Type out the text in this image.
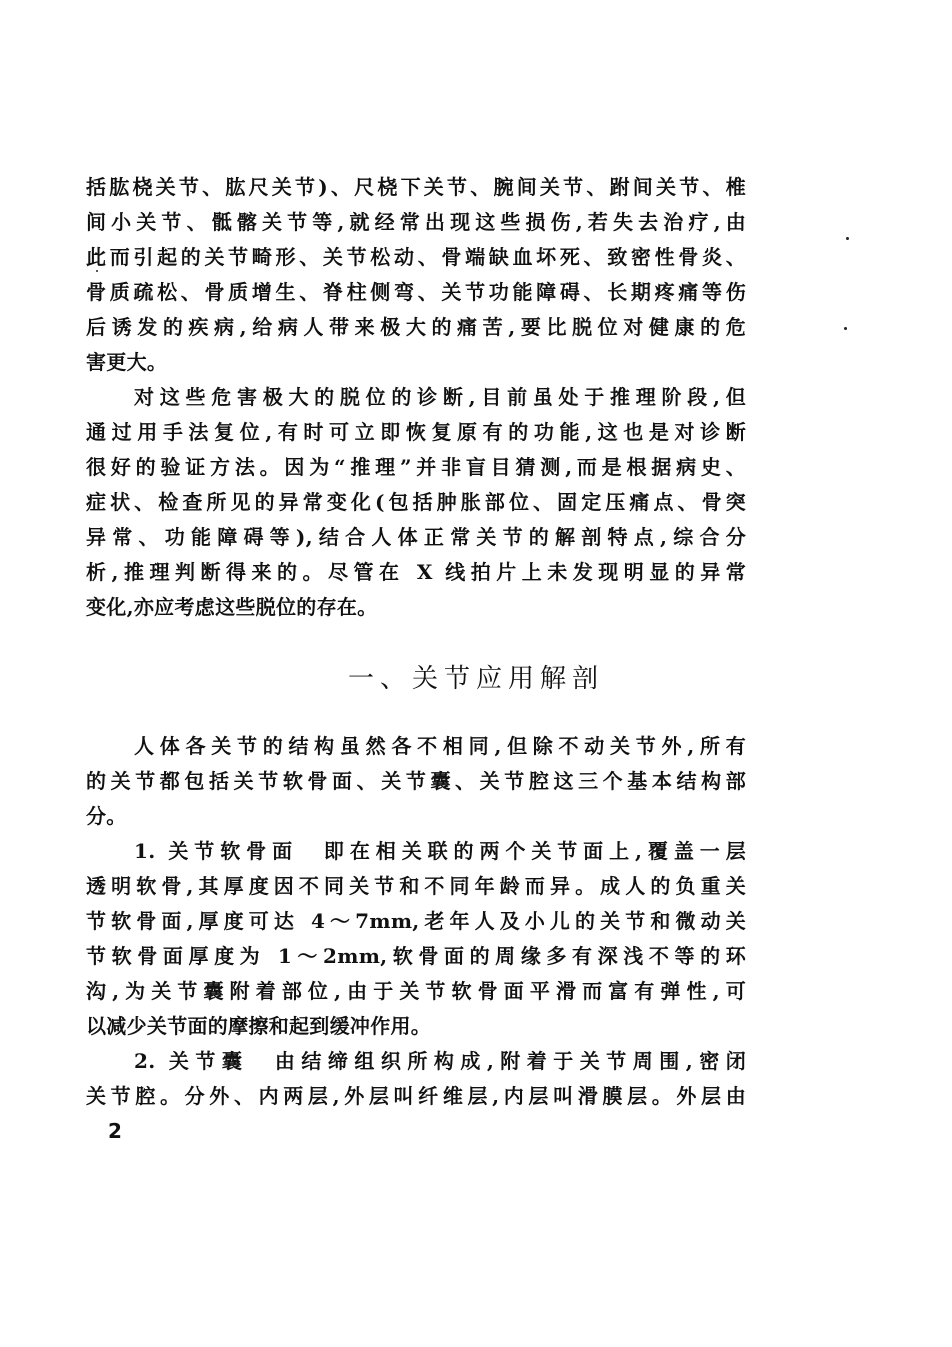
括肱桡关节、肱尺关节)、尺桡下关节、腕间关节、跗间关节、椎
间小关节、骶髂关节等,就经常出现这些损伤,若失去治疗,由
此而引起的关节畸形、关节松动、骨端缺血坏死、致密性骨炎、
骨质疏松、骨质增生、脊柱侧弯、关节功能障碍、长期疼痛等伤
后诱发的疾病,给病人带来极大的痛苦,要比脱位对健康的危
害更大。
对这些危害极大的脱位的诊断,目前虽处于推理阶段,但
通过用手法复位,有时可立即恢复原有的功能,这也是对诊断
很好的验证方法。因为“推理”并非盲目猜测,而是根据病史、
症状、检查所见的异常变化(包括肿胀部位、固定压痛点、骨突
异常、功能障碍等),结合人体正常关节的解剖特点,综合分
析,推理判断得来的。尽管在 X 线拍片上未发现明显的异常
变化,亦应考虑这些脱位的存在。
一、关节应用解剖
人体各关节的结构虽然各不相同,但除不动关节外,所有
的关节都包括关节软骨面、关节囊、关节腔这三个基本结构部
分。
1. 关节软骨面　即在相关联的两个关节面上,覆盖一层
透明软骨,其厚度因不同关节和不同年龄而异。成人的负重关
节软骨面,厚度可达 4～7mm,老年人及小儿的关节和微动关
节软骨面厚度为 1～2mm,软骨面的周缘多有深浅不等的环
沟,为关节囊附着部位,由于关节软骨面平滑而富有弹性,可
以减少关节面的摩擦和起到缓冲作用。
2. 关节囊　由结缔组织所构成,附着于关节周围,密闭
关节腔。分外、内两层,外层叫纤维层,内层叫滑膜层。外层由
2
